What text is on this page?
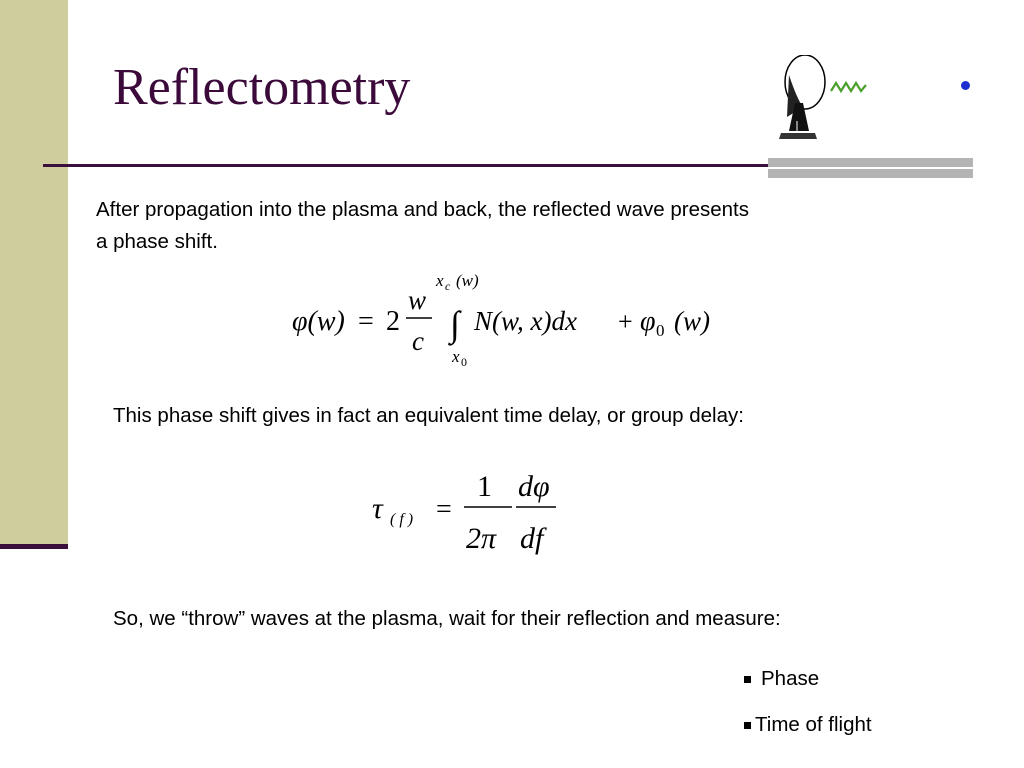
Reflectometry
After propagation into the plasma and back, the reflected wave presents
a phase shift.
φ(w) = 2
w
c
x c (w)
∫
x 0
N(w, x)dx + φ 0 (w)
This phase shift gives in fact an equivalent time delay, or group delay:
τ ( f ) =
1
2π
dφ
df
So, we “throw” waves at the plasma, wait for their reflection and measure:
Phase
Time of flight
